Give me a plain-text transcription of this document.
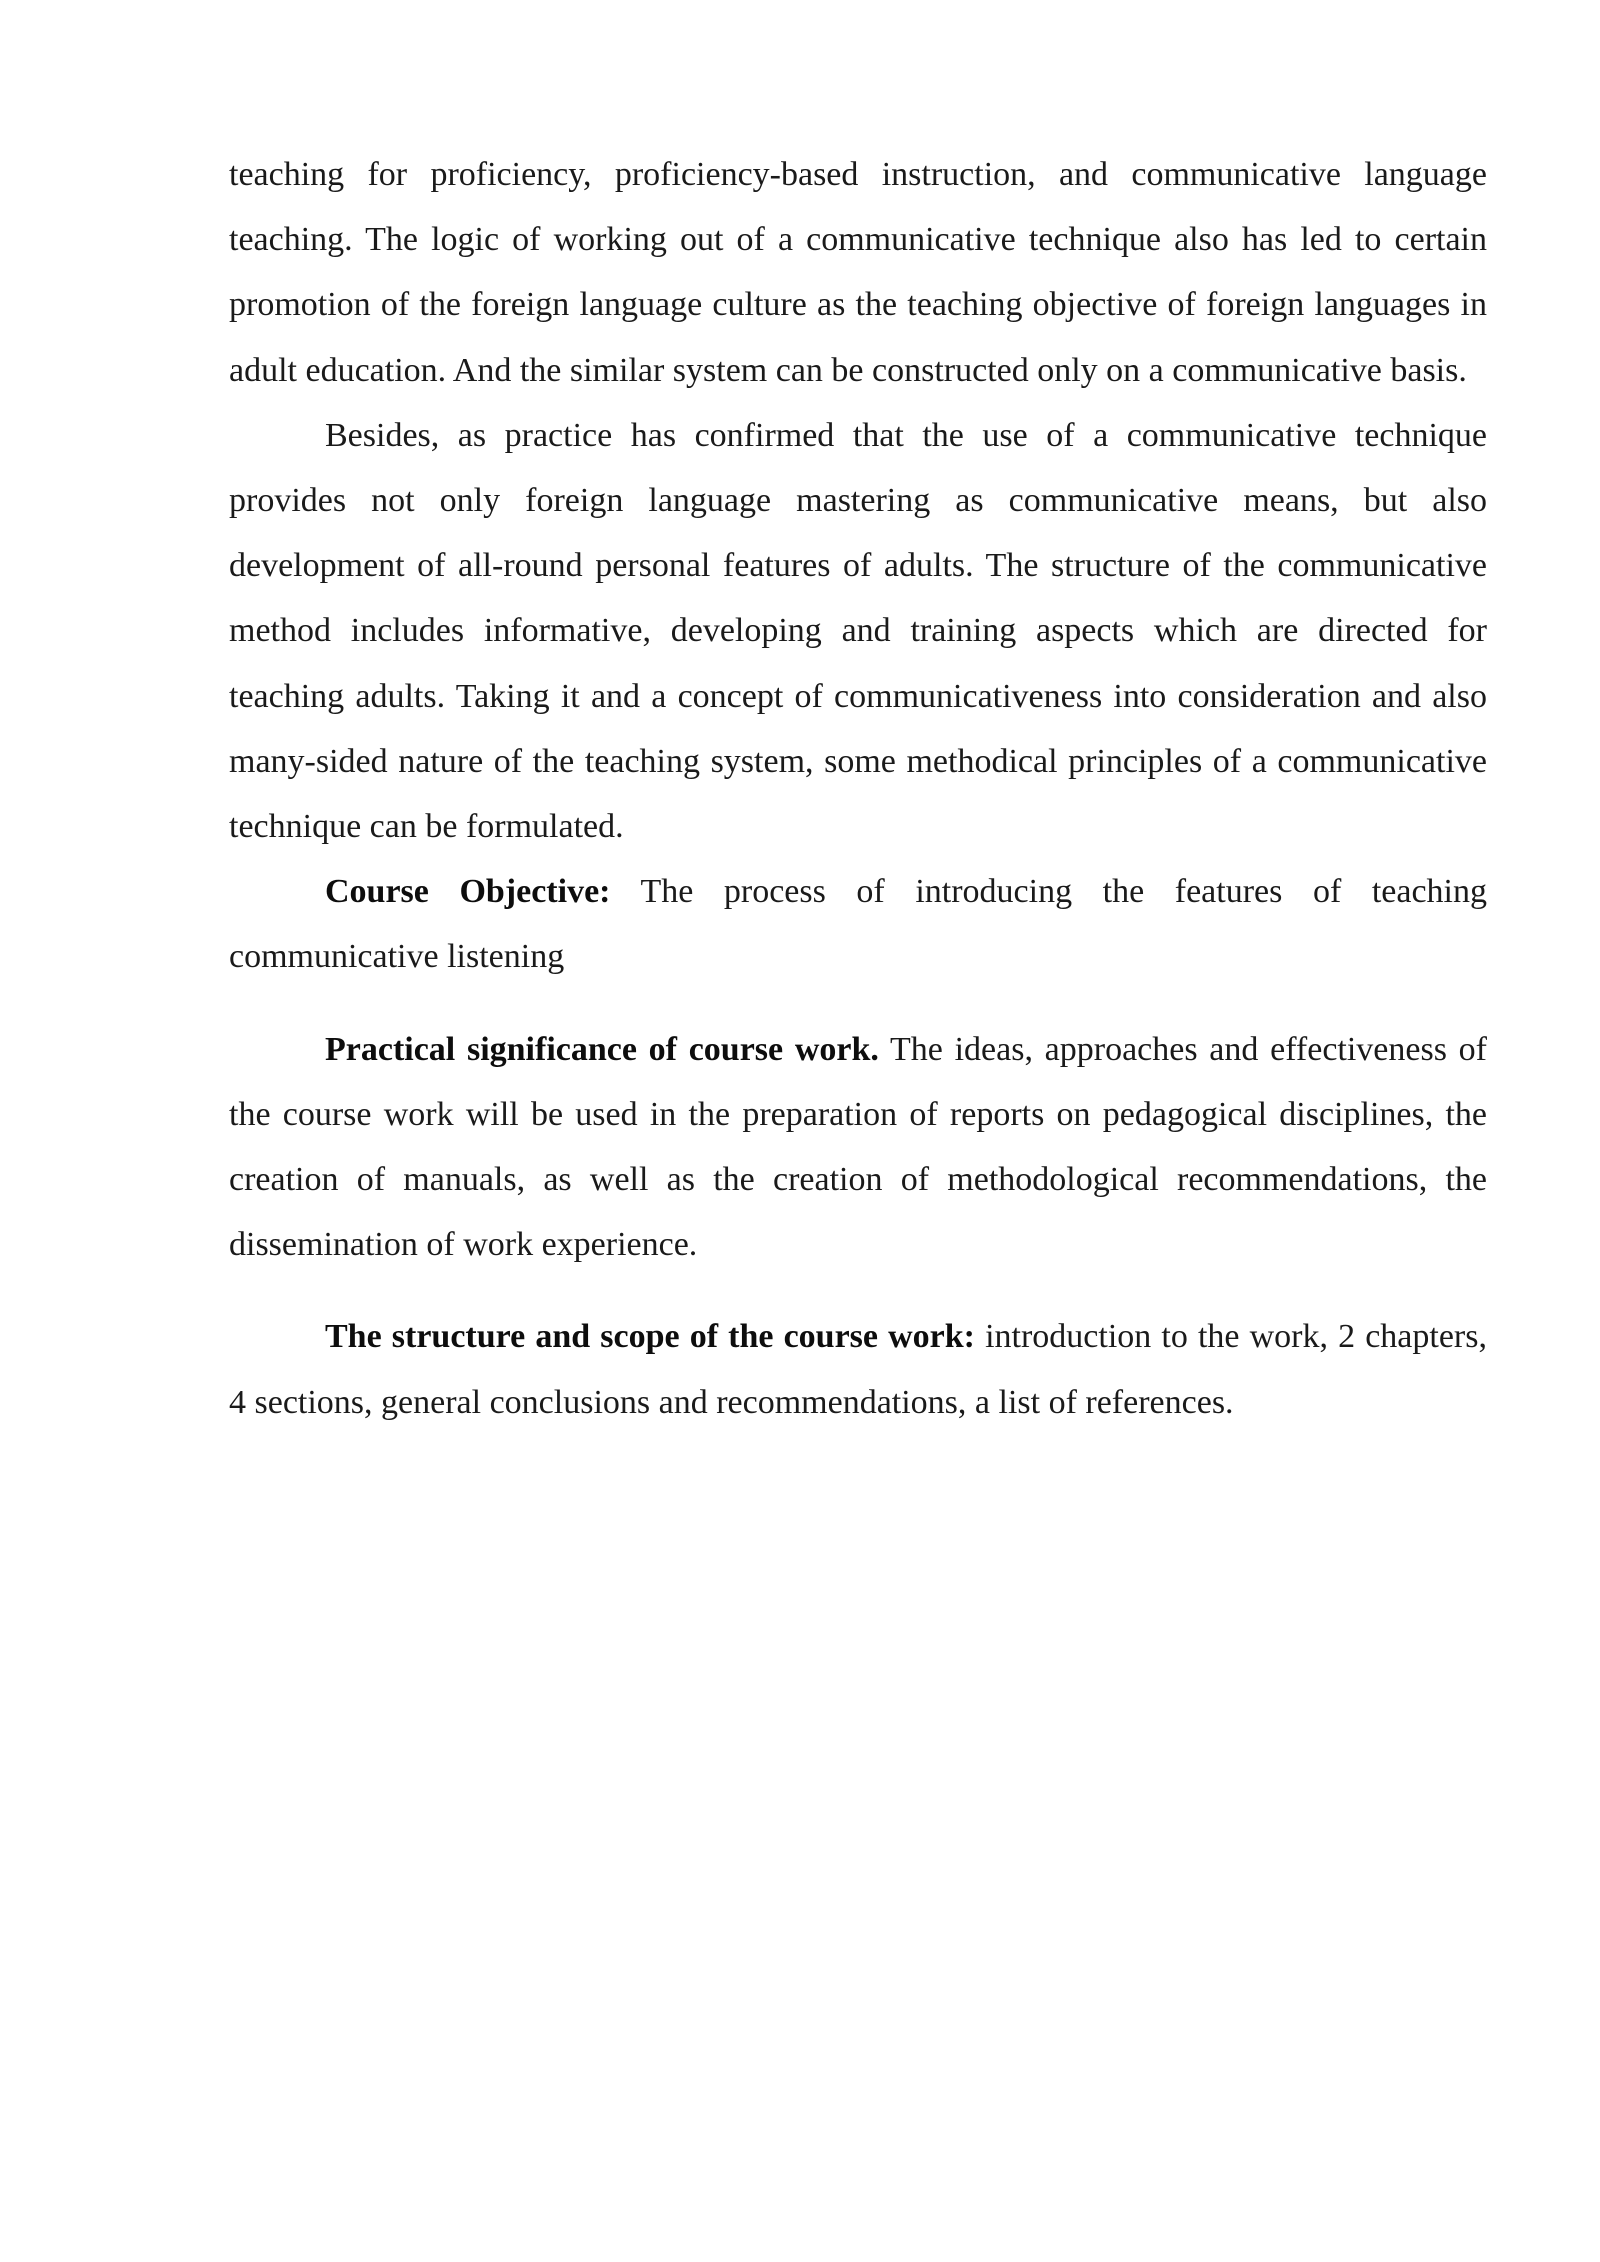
teaching for proficiency, proficiency-based instruction, and communicative language teaching. The logic of working out of a communicative technique also has led to certain promotion of the foreign language culture as the teaching objective of foreign languages in adult education. And the similar system can be constructed only on a communicative basis.

Besides, as practice has confirmed that the use of a communicative technique provides not only foreign language mastering as communicative means, but also development of all-round personal features of adults. The structure of the communicative method includes informative, developing and training aspects which are directed for teaching adults. Taking it and a concept of communicativeness into consideration and also many-sided nature of the teaching system, some methodical principles of a communicative technique can be formulated.

Course Objective: The process of introducing the features of teaching communicative listening

Practical significance of course work. The ideas, approaches and effectiveness of the course work will be used in the preparation of reports on pedagogical disciplines, the creation of manuals, as well as the creation of methodological recommendations, the dissemination of work experience.

The structure and scope of the course work: introduction to the work, 2 chapters, 4 sections, general conclusions and recommendations, a list of references.
